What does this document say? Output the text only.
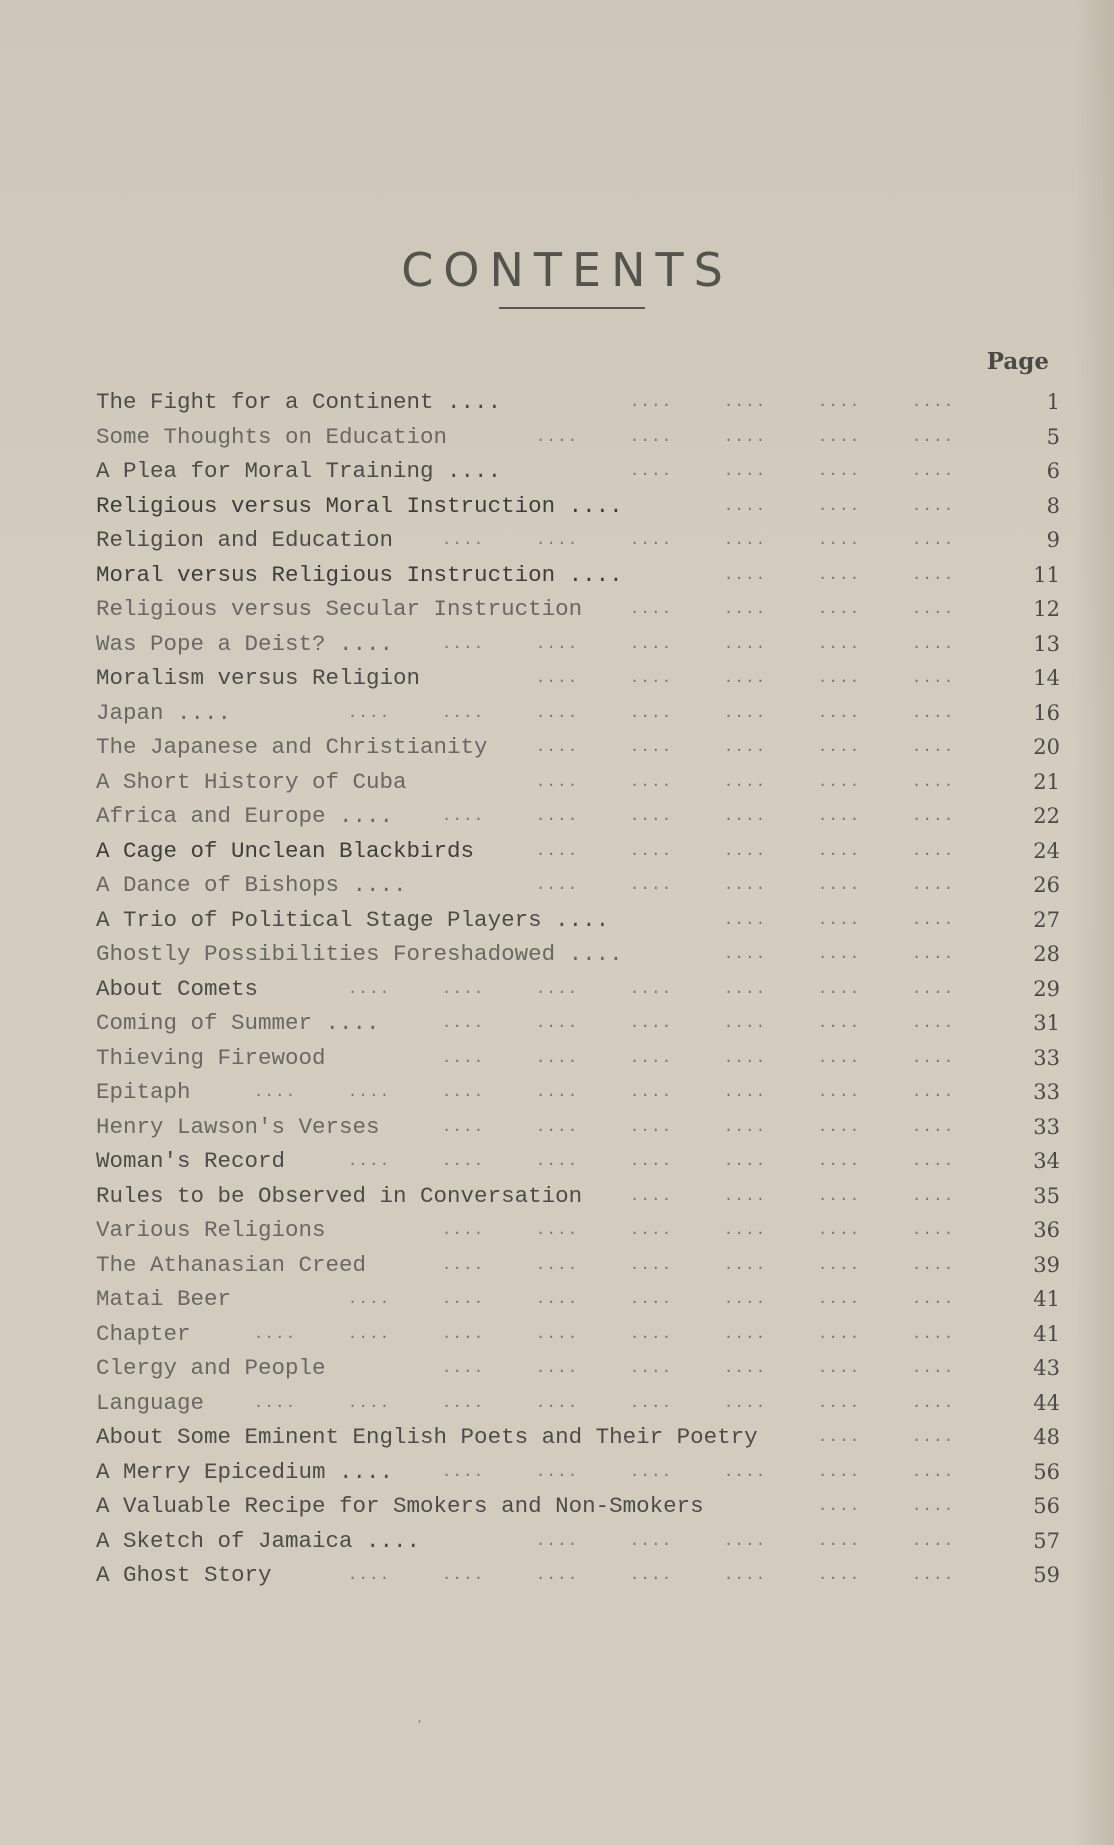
CONTENTS
Page
The Fight for a Continent ....	....	....	....	....	1
Some Thoughts on Education	....	....	....	....	....	5
A Plea for Moral Training ....	....	....	....	....	6
Religious versus Moral Instruction ....	....	....	....	8
Religion and Education	....	....	....	....	....	....	9
Moral versus Religious Instruction ....	....	....	....	11
Religious versus Secular Instruction	....	....	....	....	12
Was Pope a Deist? ....	....	....	....	....	....	....	13
Moralism versus Religion	....	....	....	....	....	14
Japan ....	....	....	....	....	....	....	....	16
The Japanese and Christianity	....	....	....	....	....	20
A Short History of Cuba	....	....	....	....	....	21
Africa and Europe ....	....	....	....	....	....	....	22
A Cage of Unclean Blackbirds	....	....	....	....	....	24
A Dance of Bishops ....	....	....	....	....	....	26
A Trio of Political Stage Players ....	....	....	....	27
Ghostly Possibilities Foreshadowed ....	....	....	....	28
About Comets	....	....	....	....	....	....	....	29
Coming of Summer ....	....	....	....	....	....	....	31
Thieving Firewood	....	....	....	....	....	....	33
Epitaph	....	....	....	....	....	....	....	....	33
Henry Lawson's Verses	....	....	....	....	....	....	33
Woman's Record	....	....	....	....	....	....	....	34
Rules to be Observed in Conversation	....	....	....	....	35
Various Religions	....	....	....	....	....	....	36
The Athanasian Creed	....	....	....	....	....	....	39
Matai Beer	....	....	....	....	....	....	....	41
Chapter	....	....	....	....	....	....	....	....	41
Clergy and People	....	....	....	....	....	....	43
Language	....	....	....	....	....	....	....	....	44
About Some Eminent English Poets and Their Poetry	....	....	48
A Merry Epicedium ....	....	....	....	....	....	....	56
A Valuable Recipe for Smokers and Non-Smokers	....	....	56
A Sketch of Jamaica ....	....	....	....	....	....	57
A Ghost Story	....	....	....	....	....	....	....	59
